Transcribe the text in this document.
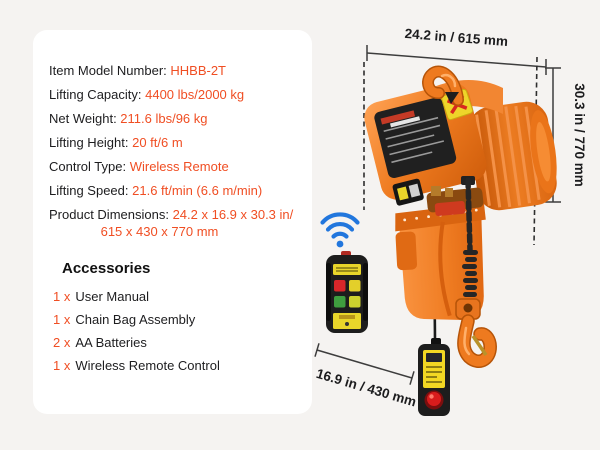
Item Model Number: HHBB-2T
Lifting Capacity: 4400 lbs/2000 kg
Net Weight: 211.6 lbs/96 kg
Lifting Height: 20 ft/6 m
Control Type: Wireless Remote
Lifting Speed: 21.6 ft/min (6.6 m/min)
Product Dimensions: 24.2 x 16.9 x 30.3 in/
615 x 430 x 770 mm
Accessories
1 x User Manual
1 x Chain Bag Assembly
2 x AA Batteries
1 x Wireless Remote Control
24.2 in / 615 mm
30.3 in / 770 mm
16.9 in / 430 mm
